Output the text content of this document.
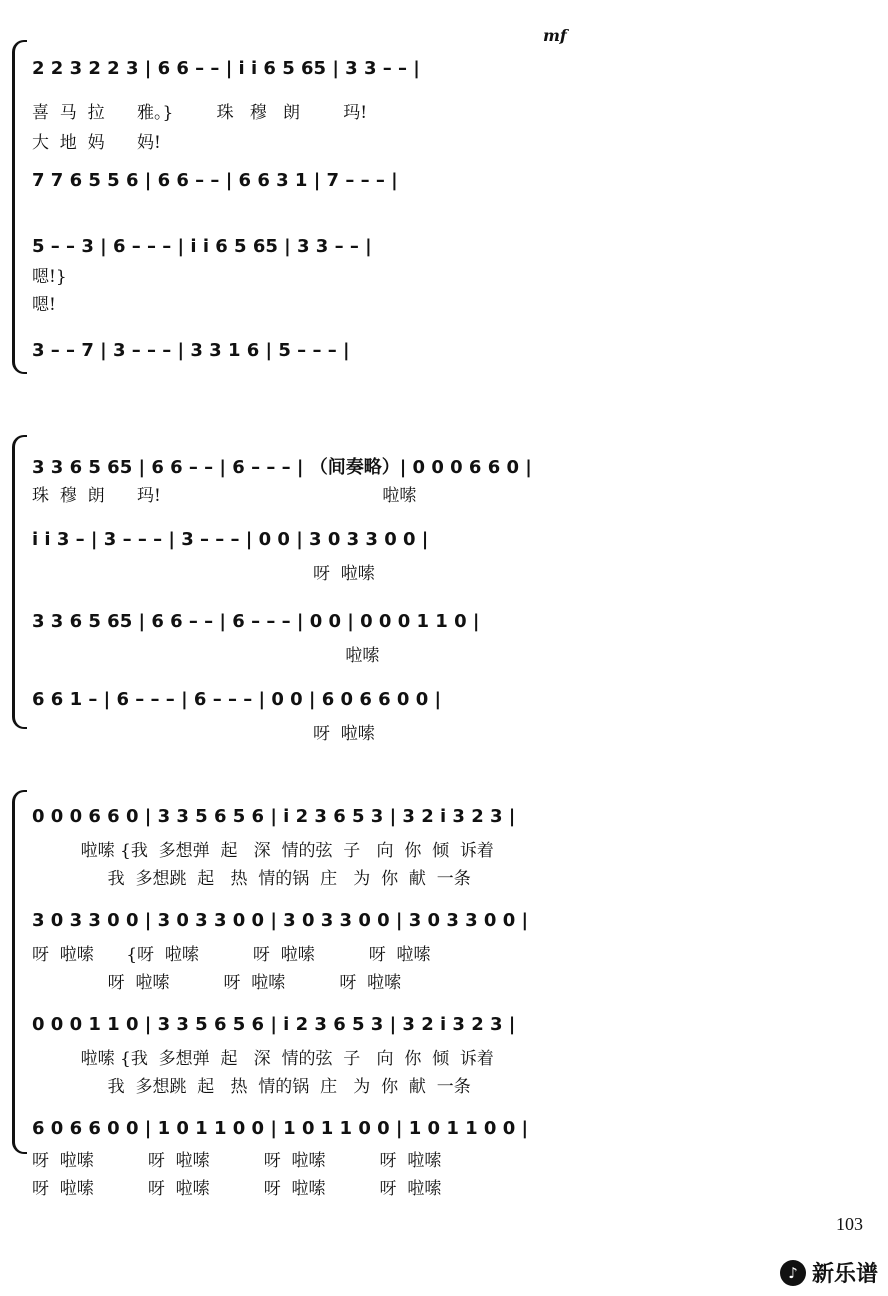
mf
2 2 3 2 2 3 | 6 6 – – | i i 6 5 65 | 3 3 – – |
喜  马  拉      雅。}        珠   穆   朗        玛!
大  地  妈      妈!
7 7 6 5 5 6 | 6 6 – – | 6 6 3 1 | 7 – – – |
5 – – 3 | 6 – – – | i i 6 5 65 | 3 3 – – |
嗯!}
嗯!
3 – – 7 | 3 – – – | 3 3 1 6 | 5 – – – |
3 3 6 5 65 | 6 6 – – | 6 – – – | （间奏略）| 0 0 0 6 6 0 |
珠  穆  朗      玛!                                         啦嗦
i i 3 – | 3 – – – | 3 – – – | 0 0 | 3 0 3 3 0 0 |
呀  啦嗦
3 3 6 5 65 | 6 6 – – | 6 – – – | 0 0 | 0 0 0 1 1 0 |
啦嗦
6 6 1 – | 6 – – – | 6 – – – | 0 0 | 6 0 6 6 0 0 |
呀  啦嗦
0 0 0 6 6 0 | 3 3 5 6 5 6 | i 2 3 6 5 3 | 3 2 i 3 2 3 |
啦嗦 {我  多想弹  起   深  情的弦  子   向  你  倾  诉着
我  多想跳  起   热  情的锅  庄   为  你  献  一条
3 0 3 3 0 0 | 3 0 3 3 0 0 | 3 0 3 3 0 0 | 3 0 3 3 0 0 |
呀  啦嗦      {呀  啦嗦          呀  啦嗦          呀  啦嗦
呀  啦嗦          呀  啦嗦          呀  啦嗦
0 0 0 1 1 0 | 3 3 5 6 5 6 | i 2 3 6 5 3 | 3 2 i 3 2 3 |
啦嗦 {我  多想弹  起   深  情的弦  子   向  你  倾  诉着
我  多想跳  起   热  情的锅  庄   为  你  献  一条
6 0 6 6 0 0 | 1 0 1 1 0 0 | 1 0 1 1 0 0 | 1 0 1 1 0 0 |
呀  啦嗦          呀  啦嗦          呀  啦嗦          呀  啦嗦
呀  啦嗦          呀  啦嗦          呀  啦嗦          呀  啦嗦
103
♪ 新乐谱
